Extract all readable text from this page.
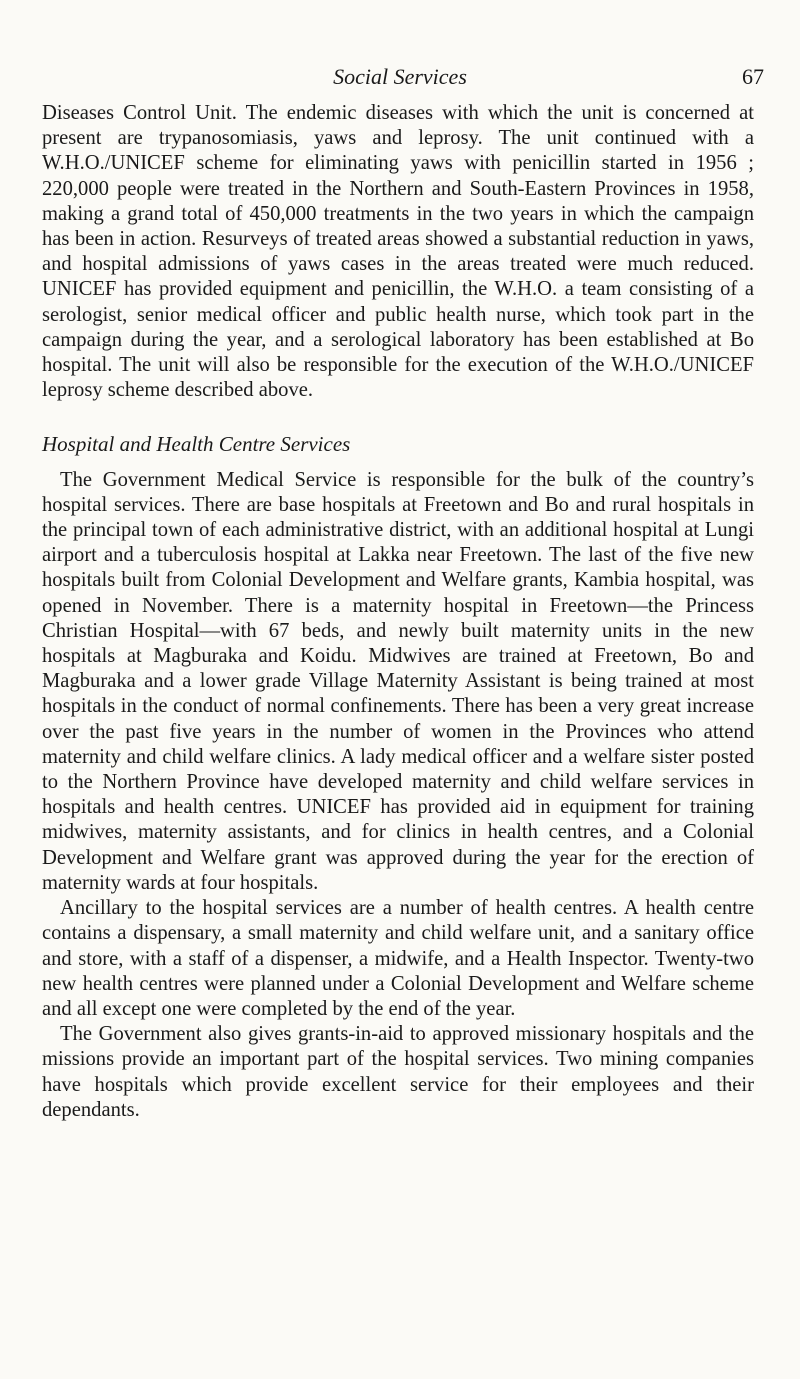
Social Services	67

Diseases Control Unit. The endemic diseases with which the unit is concerned at present are trypanosomiasis, yaws and leprosy. The unit continued with a W.H.O./UNICEF scheme for eliminating yaws with penicillin started in 1956 ; 220,000 people were treated in the Northern and South-Eastern Provinces in 1958, making a grand total of 450,000 treatments in the two years in which the campaign has been in action. Resurveys of treated areas showed a substantial reduction in yaws, and hospital admissions of yaws cases in the areas treated were much reduced. UNICEF has provided equipment and penicillin, the W.H.O. a team consisting of a serologist, senior medical officer and public health nurse, which took part in the campaign during the year, and a serological laboratory has been established at Bo hospital. The unit will also be responsible for the execution of the W.H.O./UNICEF leprosy scheme described above.

Hospital and Health Centre Services

The Government Medical Service is responsible for the bulk of the country’s hospital services. There are base hospitals at Freetown and Bo and rural hospitals in the principal town of each administrative district, with an additional hospital at Lungi airport and a tuberculosis hospital at Lakka near Freetown. The last of the five new hospitals built from Colonial Development and Welfare grants, Kambia hospital, was opened in November. There is a maternity hospital in Freetown—the Princess Christian Hospital—with 67 beds, and newly built maternity units in the new hospitals at Magburaka and Koidu. Midwives are trained at Freetown, Bo and Magburaka and a lower grade Village Maternity Assistant is being trained at most hospitals in the conduct of normal confinements. There has been a very great increase over the past five years in the number of women in the Provinces who attend maternity and child welfare clinics. A lady medical officer and a welfare sister posted to the Northern Province have developed maternity and child welfare services in hospitals and health centres. UNICEF has provided aid in equipment for training midwives, maternity assistants, and for clinics in health centres, and a Colonial Development and Welfare grant was approved during the year for the erection of maternity wards at four hospitals.

Ancillary to the hospital services are a number of health centres. A health centre contains a dispensary, a small maternity and child welfare unit, and a sanitary office and store, with a staff of a dispenser, a midwife, and a Health Inspector. Twenty-two new health centres were planned under a Colonial Development and Welfare scheme and all except one were completed by the end of the year.

The Government also gives grants-in-aid to approved missionary hospitals and the missions provide an important part of the hospital services. Two mining companies have hospitals which provide excellent service for their employees and their dependants.
